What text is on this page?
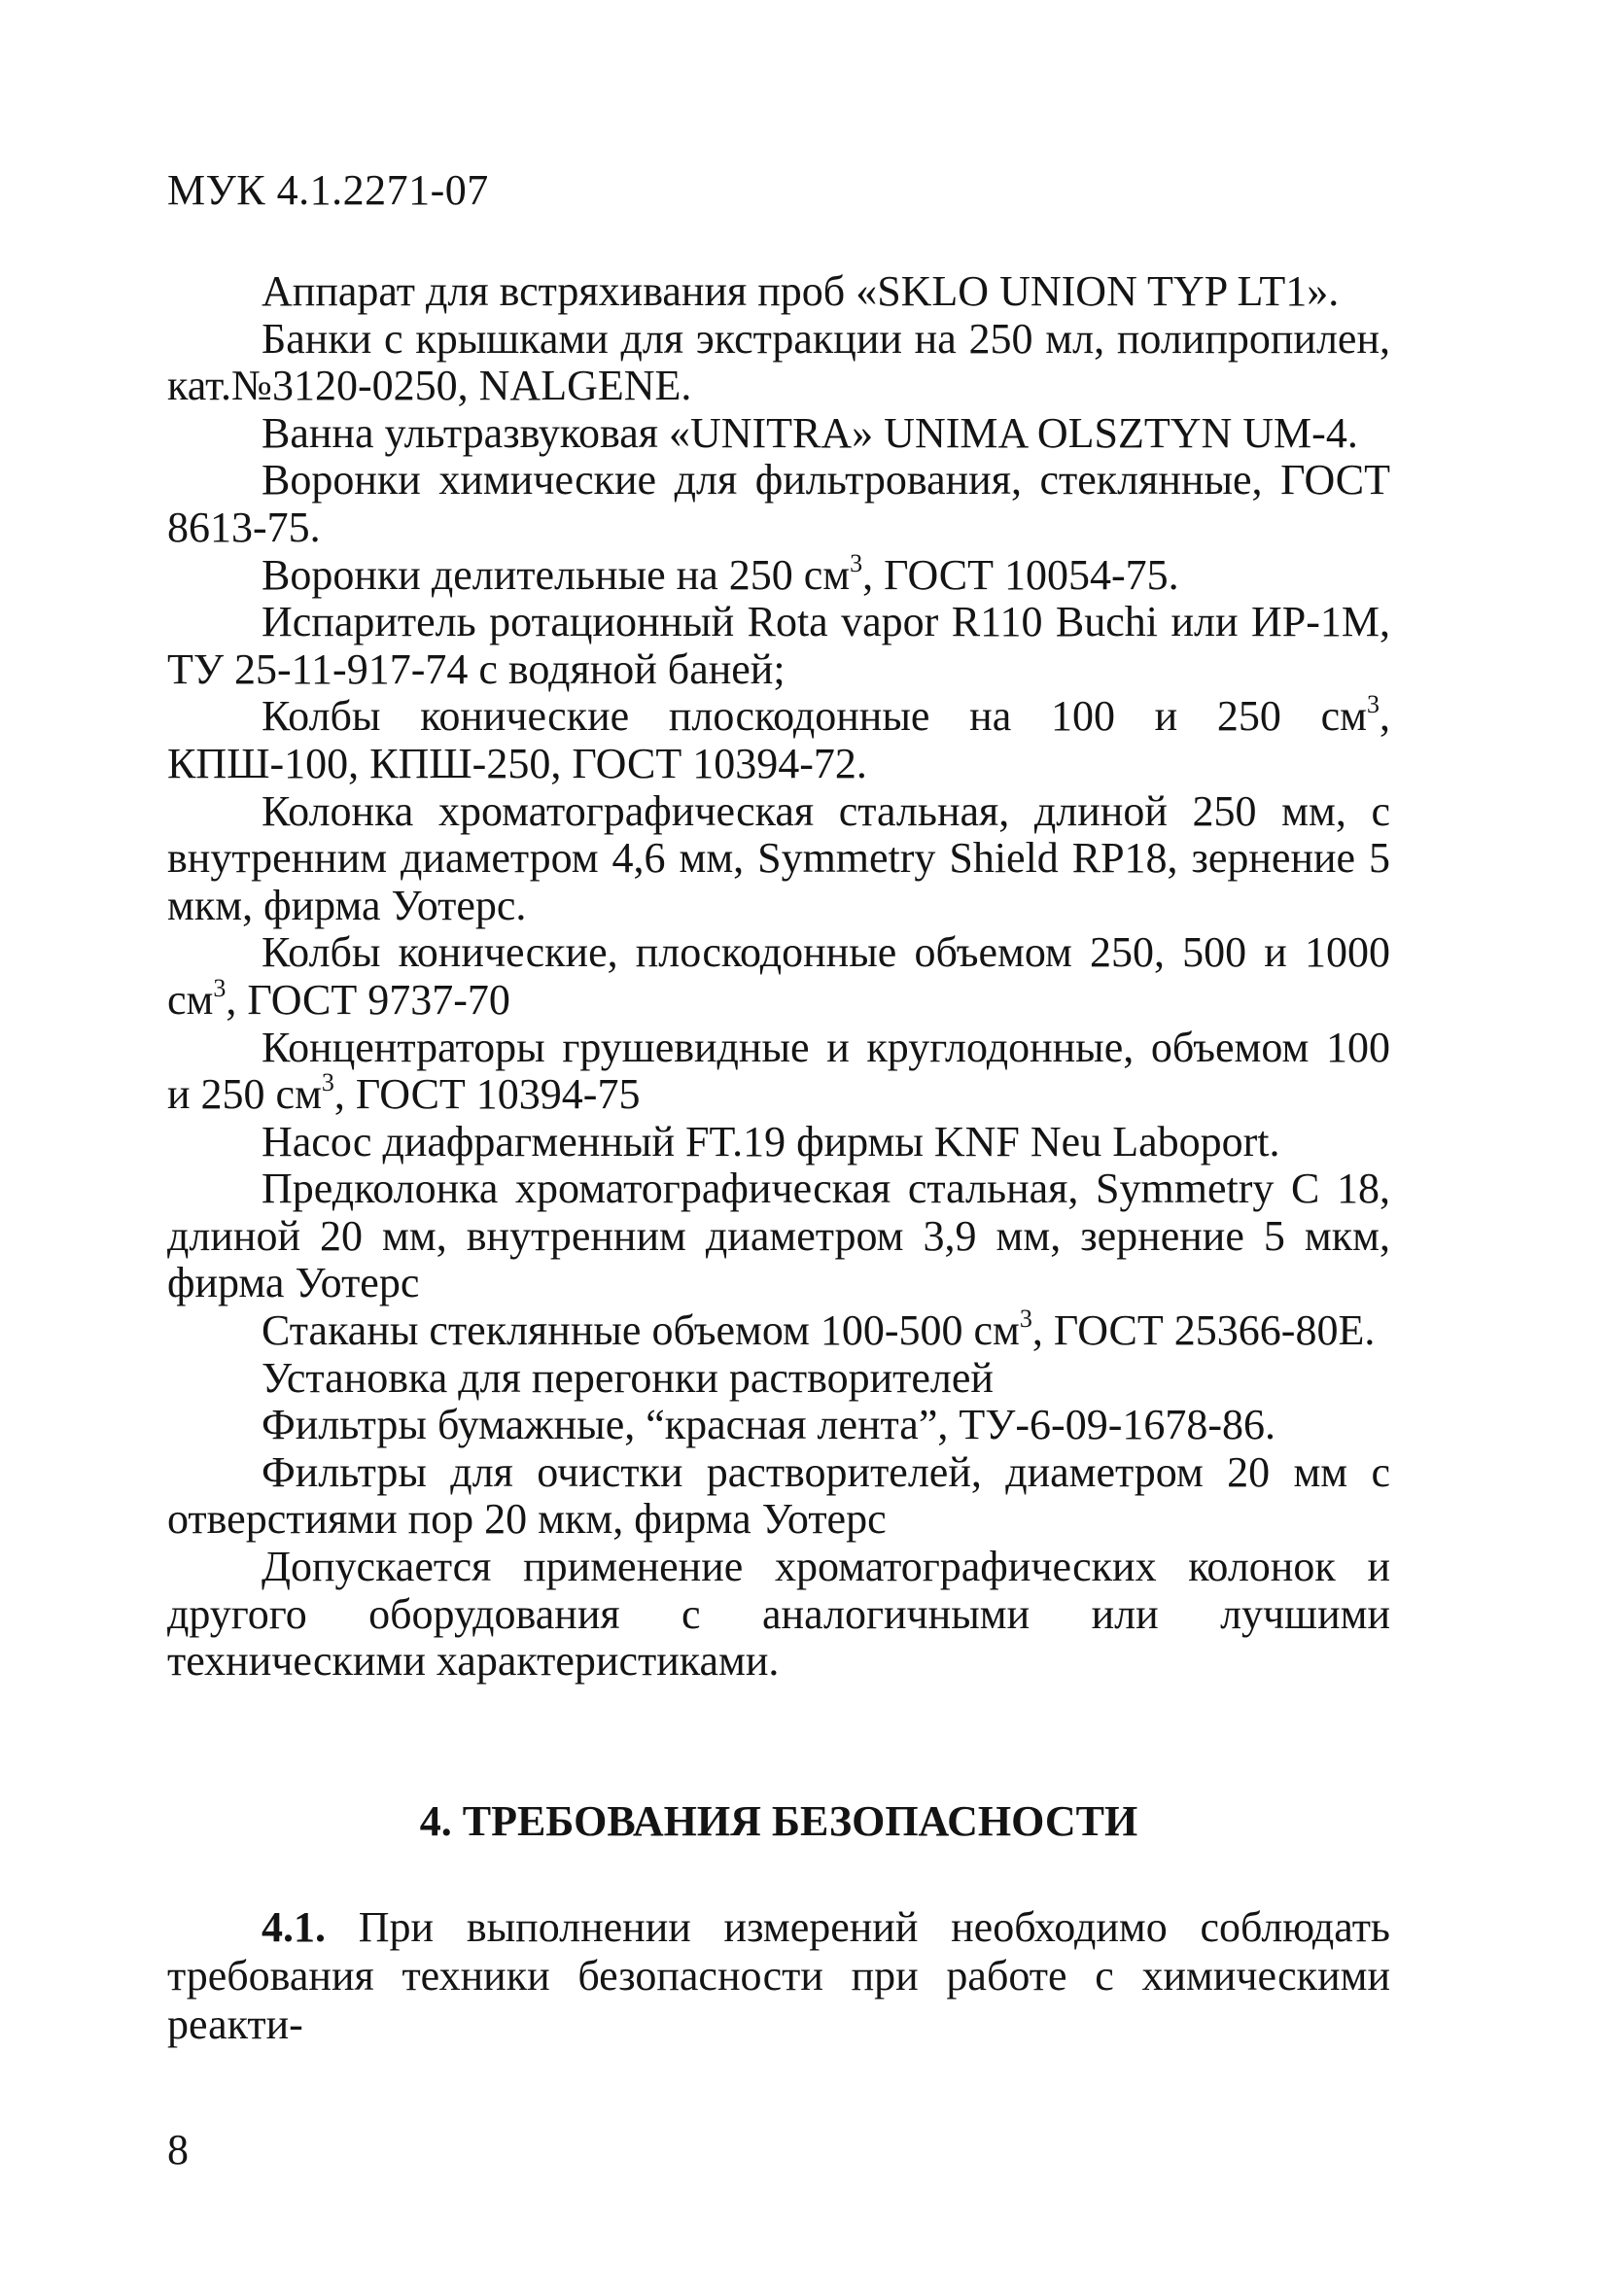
МУК 4.1.2271-07

Аппарат для встряхивания проб «SKLO UNION TYP LT1».

Банки с крышками для экстракции на 250 мл, полипропилен, кат.№3120-0250, NALGENE.

Ванна ультразвуковая «UNITRA» UNIMA OLSZTYN UM-4.

Воронки химические для фильтрования, стеклянные, ГОСТ 8613-75.

Воронки делительные на 250 $см^3$, ГОСТ 10054-75.

Испаритель ротационный Rota vapor R110 Buchi или ИР-1М, ТУ 25-11-917-74 с водяной баней;

Колбы конические плоскодонные на 100 и 250 $см^3$, КПШ-100, КПШ-250, ГОСТ 10394-72.

Колонка хроматографическая стальная, длиной 250 мм, с внутренним диаметром 4,6 мм, Symmetry Shield RP18, зернение 5 мкм, фирма Уотерс.

Колбы конические, плоскодонные объемом 250, 500 и 1000 $см^3$, ГОСТ 9737-70

Концентраторы грушевидные и круглодонные, объемом 100 и 250 $см^3$, ГОСТ 10394-75

Насос диафрагменный FT.19 фирмы KNF Neu Laboport.

Предколонка хроматографическая стальная, Symmetry C 18, длиной 20 мм, внутренним диаметром 3,9 мм, зернение 5 мкм, фирма Уотерс

Стаканы стеклянные объемом 100-500 $см^3$, ГОСТ 25366-80Е.

Установка для перегонки растворителей

Фильтры бумажные, “красная лента”, ТУ-6-09-1678-86.

Фильтры для очистки растворителей, диаметром 20 мм с отверстиями пор 20 мкм, фирма Уотерс

Допускается применение хроматографических колонок и другого оборудования с аналогичными или лучшими техническими характеристиками.

4. ТРЕБОВАНИЯ БЕЗОПАСНОСТИ

4.1. При выполнении измерений необходимо соблюдать требования техники безопасности при работе с химическими реакти-

8
